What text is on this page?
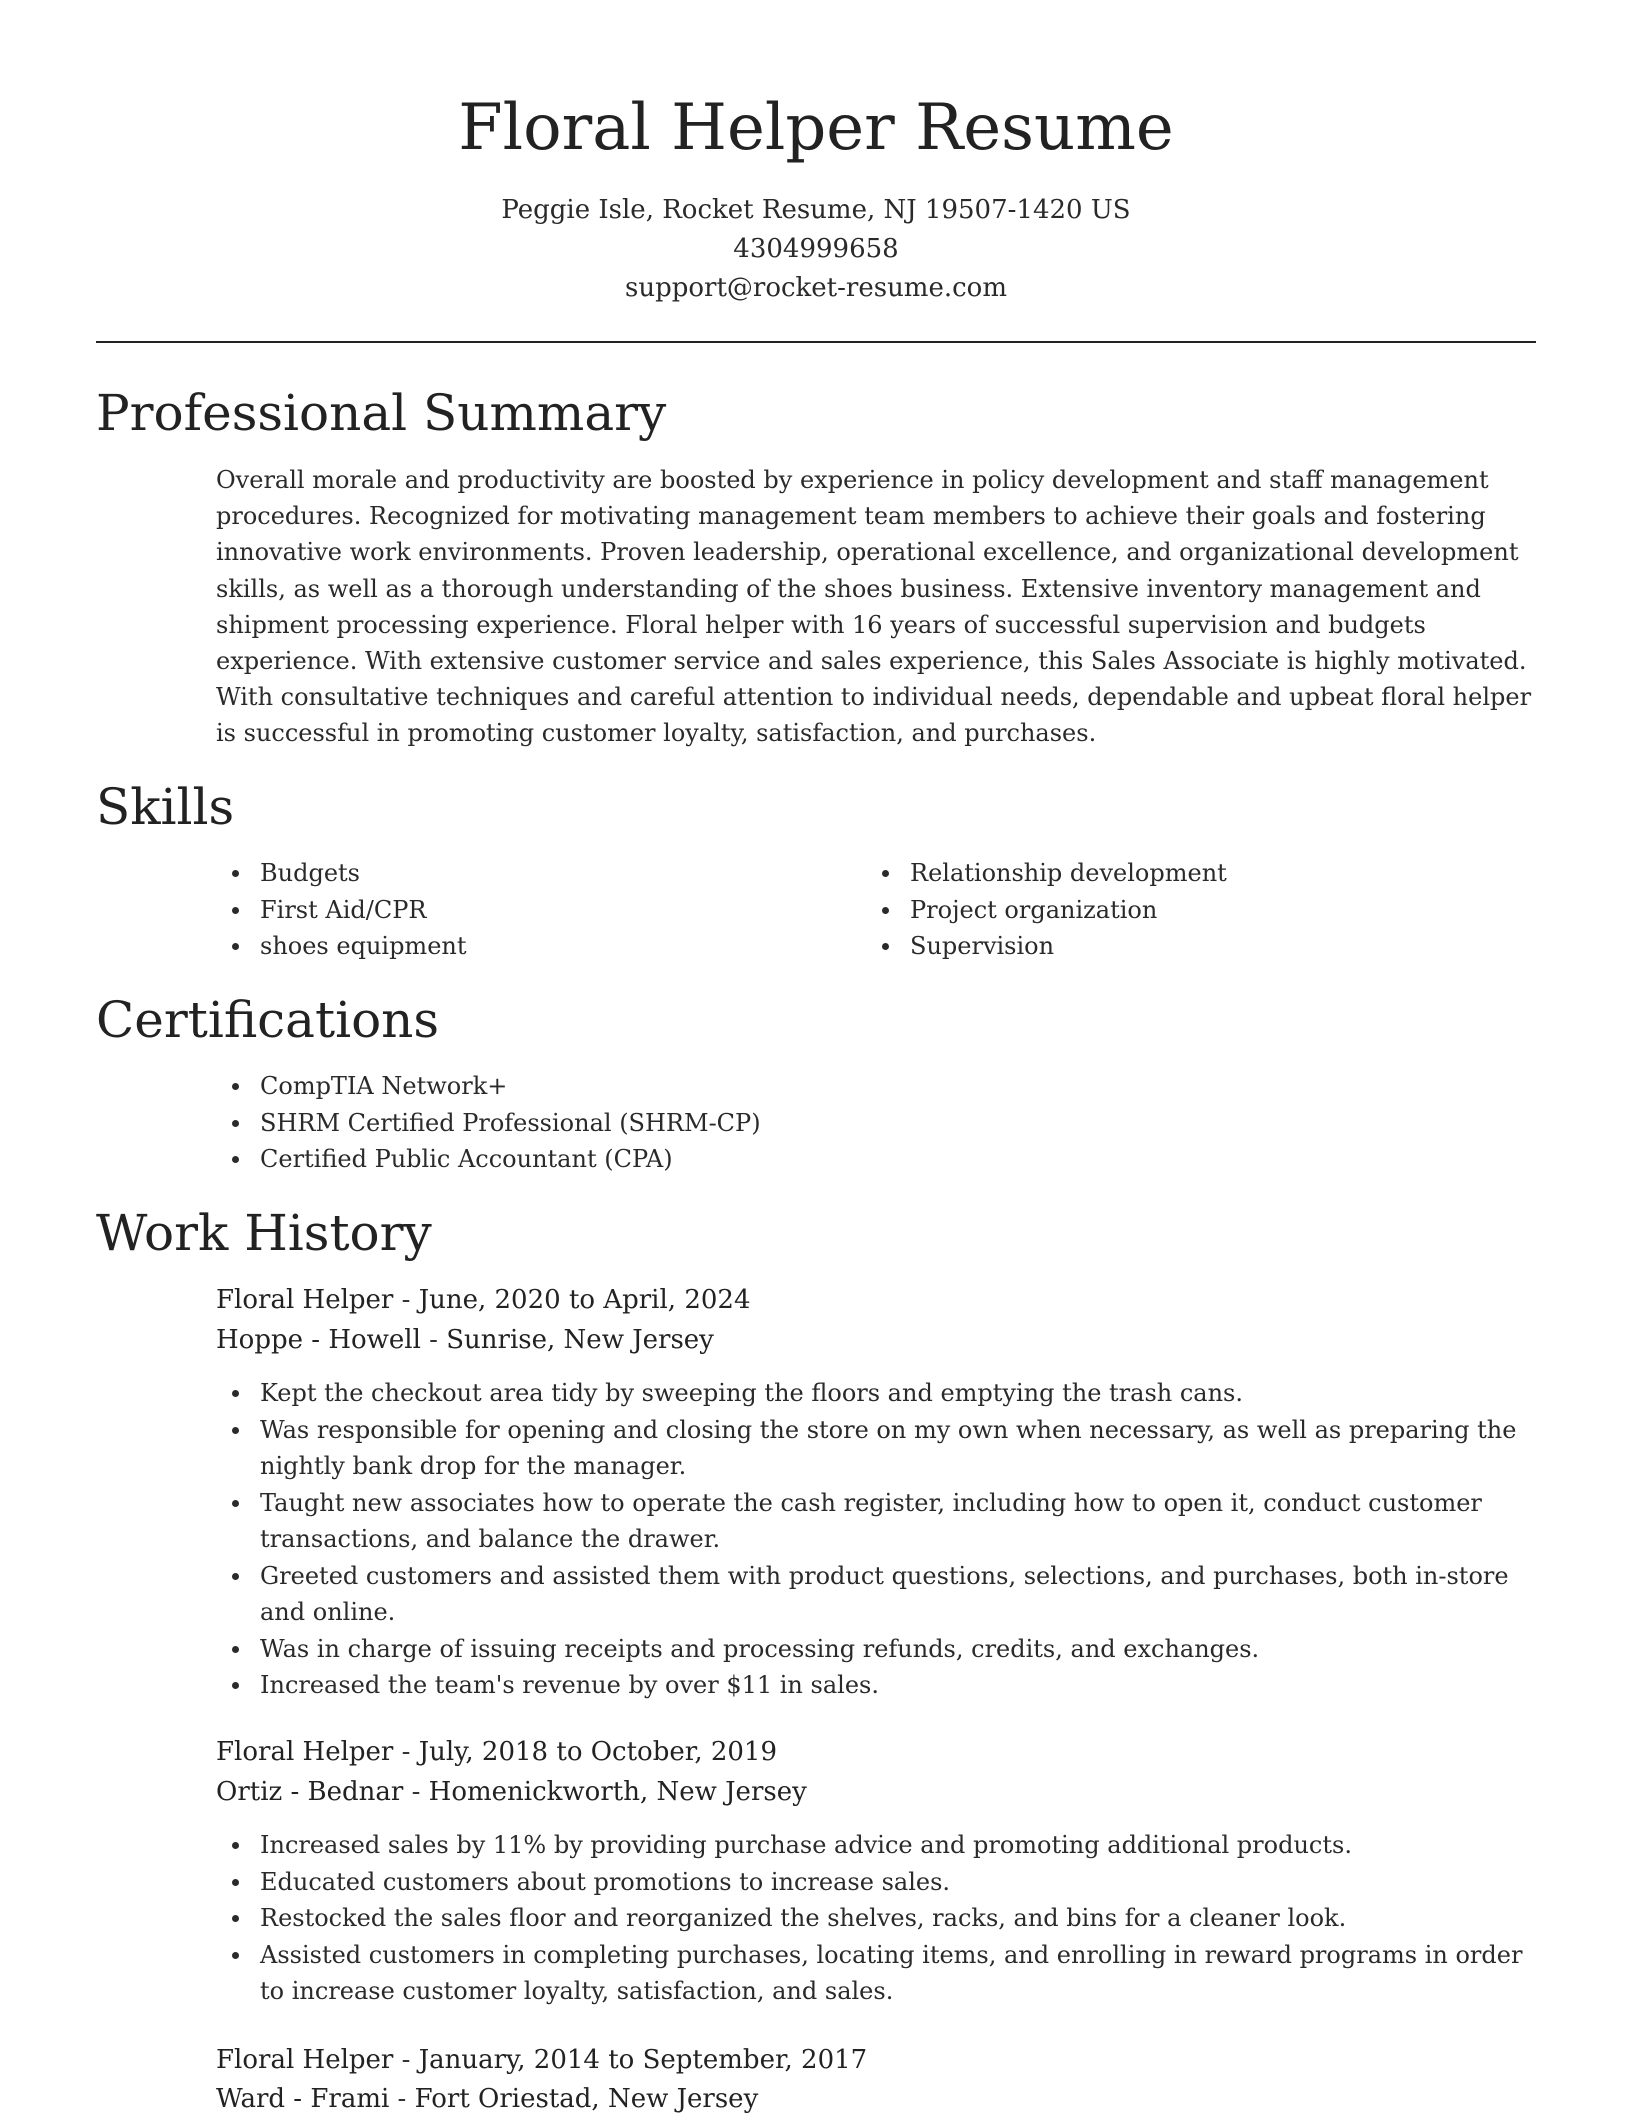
Floral Helper Resume
Peggie Isle, Rocket Resume, NJ 19507-1420 US
4304999658
support@rocket-resume.com
Professional Summary

Overall morale and productivity are boosted by experience in policy development and staff management procedures. Recognized for motivating management team members to achieve their goals and fostering innovative work environments. Proven leadership, operational excellence, and organizational development skills, as well as a thorough understanding of the shoes business. Extensive inventory management and shipment processing experience. Floral helper with 16 years of successful supervision and budgets experience. With extensive customer service and sales experience, this Sales Associate is highly motivated. With consultative techniques and careful attention to individual needs, dependable and upbeat floral helper is successful in promoting customer loyalty, satisfaction, and purchases.

Skills
Budgets
First Aid/CPR
shoes equipment
Relationship development
Project organization
Supervision
Certifications
CompTIA Network+
SHRM Certified Professional (SHRM-CP)
Certified Public Accountant (CPA)
Work History
Floral Helper - June, 2020 to April, 2024
Hoppe - Howell - Sunrise, New Jersey
Kept the checkout area tidy by sweeping the floors and emptying the trash cans.
Was responsible for opening and closing the store on my own when necessary, as well as preparing the nightly bank drop for the manager.
Taught new associates how to operate the cash register, including how to open it, conduct customer transactions, and balance the drawer.
Greeted customers and assisted them with product questions, selections, and purchases, both in-store and online.
Was in charge of issuing receipts and processing refunds, credits, and exchanges.
Increased the team's revenue by over $11 in sales.
Floral Helper - July, 2018 to October, 2019
Ortiz - Bednar - Homenickworth, New Jersey
Increased sales by 11% by providing purchase advice and promoting additional products.
Educated customers about promotions to increase sales.
Restocked the sales floor and reorganized the shelves, racks, and bins for a cleaner look.
Assisted customers in completing purchases, locating items, and enrolling in reward programs in order to increase customer loyalty, satisfaction, and sales.
Floral Helper - January, 2014 to September, 2017
Ward - Frami - Fort Oriestad, New Jersey
